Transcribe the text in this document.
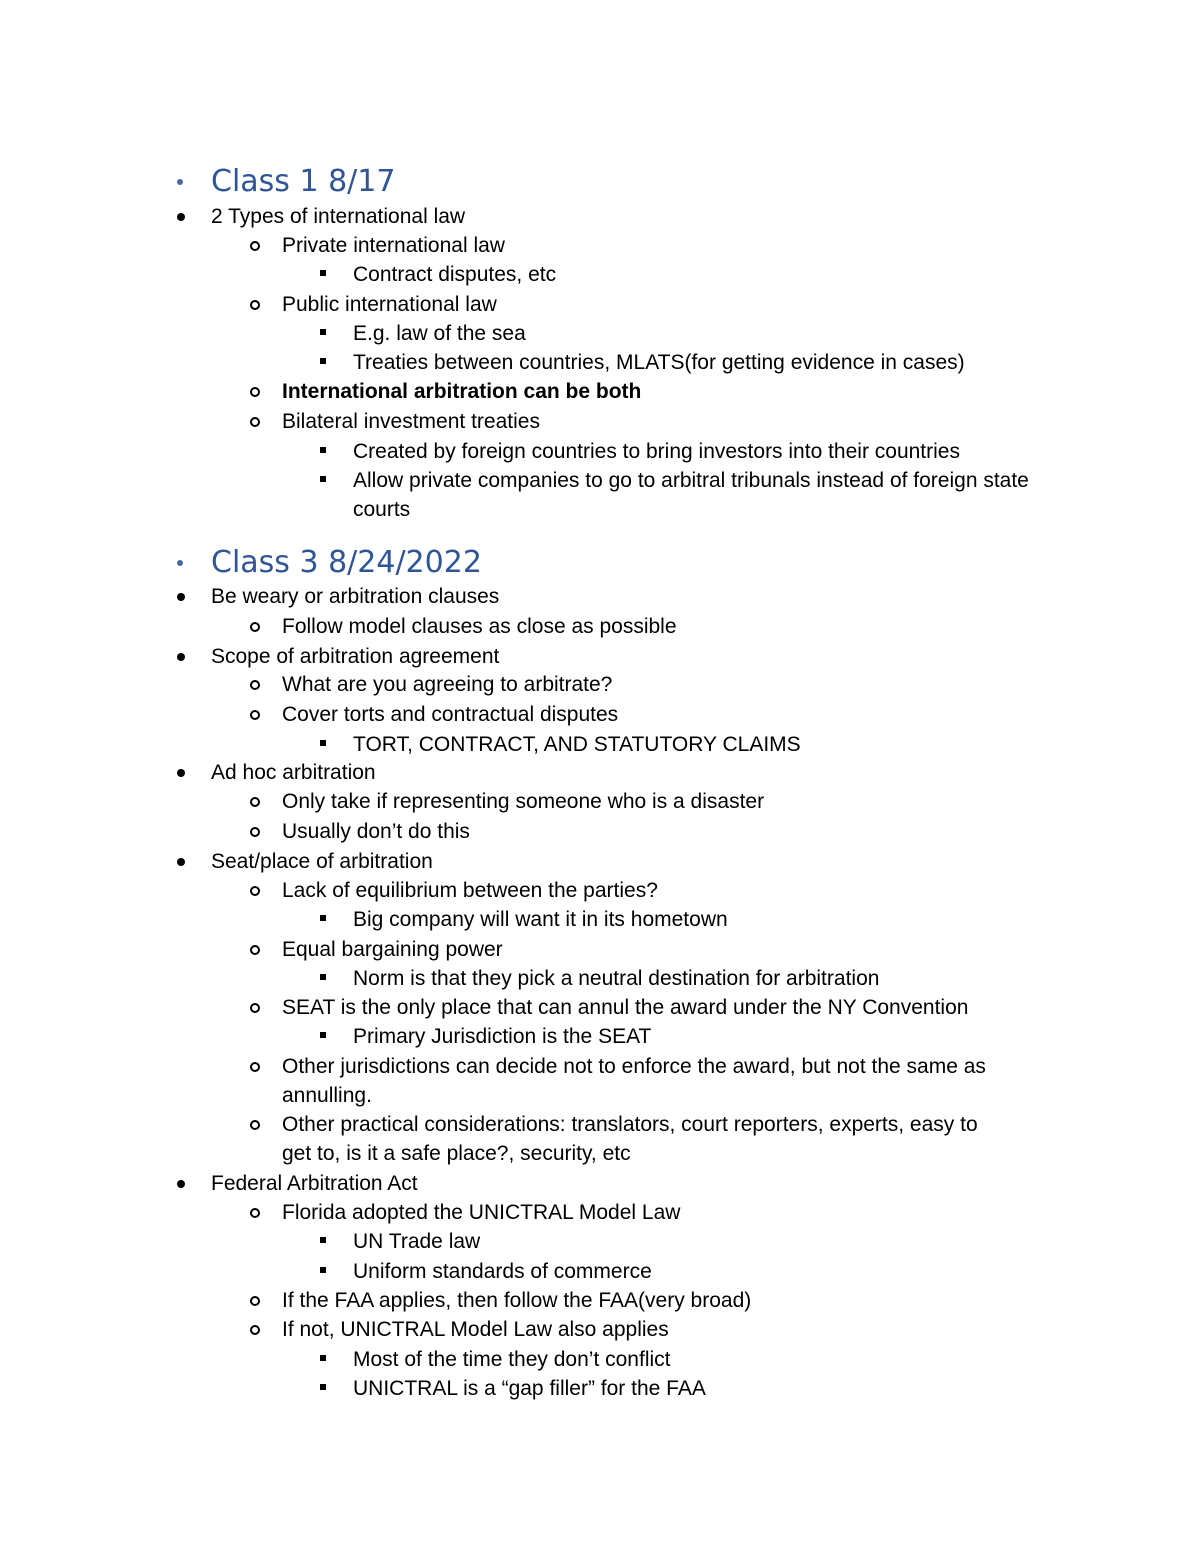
Class 1 8/17
2 Types of international law
Private international law
Contract disputes, etc
Public international law
E.g. law of the sea
Treaties between countries, MLATS(for getting evidence in cases)
International arbitration can be both
Bilateral investment treaties
Created by foreign countries to bring investors into their countries
Allow private companies to go to arbitral tribunals instead of foreign state courts
Class 3 8/24/2022
Be weary or arbitration clauses
Follow model clauses as close as possible
Scope of arbitration agreement
What are you agreeing to arbitrate?
Cover torts and contractual disputes
TORT, CONTRACT, AND STATUTORY CLAIMS
Ad hoc arbitration
Only take if representing someone who is a disaster
Usually don’t do this
Seat/place of arbitration
Lack of equilibrium between the parties?
Big company will want it in its hometown
Equal bargaining power
Norm is that they pick a neutral destination for arbitration
SEAT is the only place that can annul the award under the NY Convention
Primary Jurisdiction is the SEAT
Other jurisdictions can decide not to enforce the award, but not the same as annulling.
Other practical considerations: translators, court reporters, experts, easy to get to, is it a safe place?, security, etc
Federal Arbitration Act
Florida adopted the UNICTRAL Model Law
UN Trade law
Uniform standards of commerce
If the FAA applies, then follow the FAA(very broad)
If not, UNICTRAL Model Law also applies
Most of the time they don’t conflict
UNICTRAL is a “gap filler” for the FAA
